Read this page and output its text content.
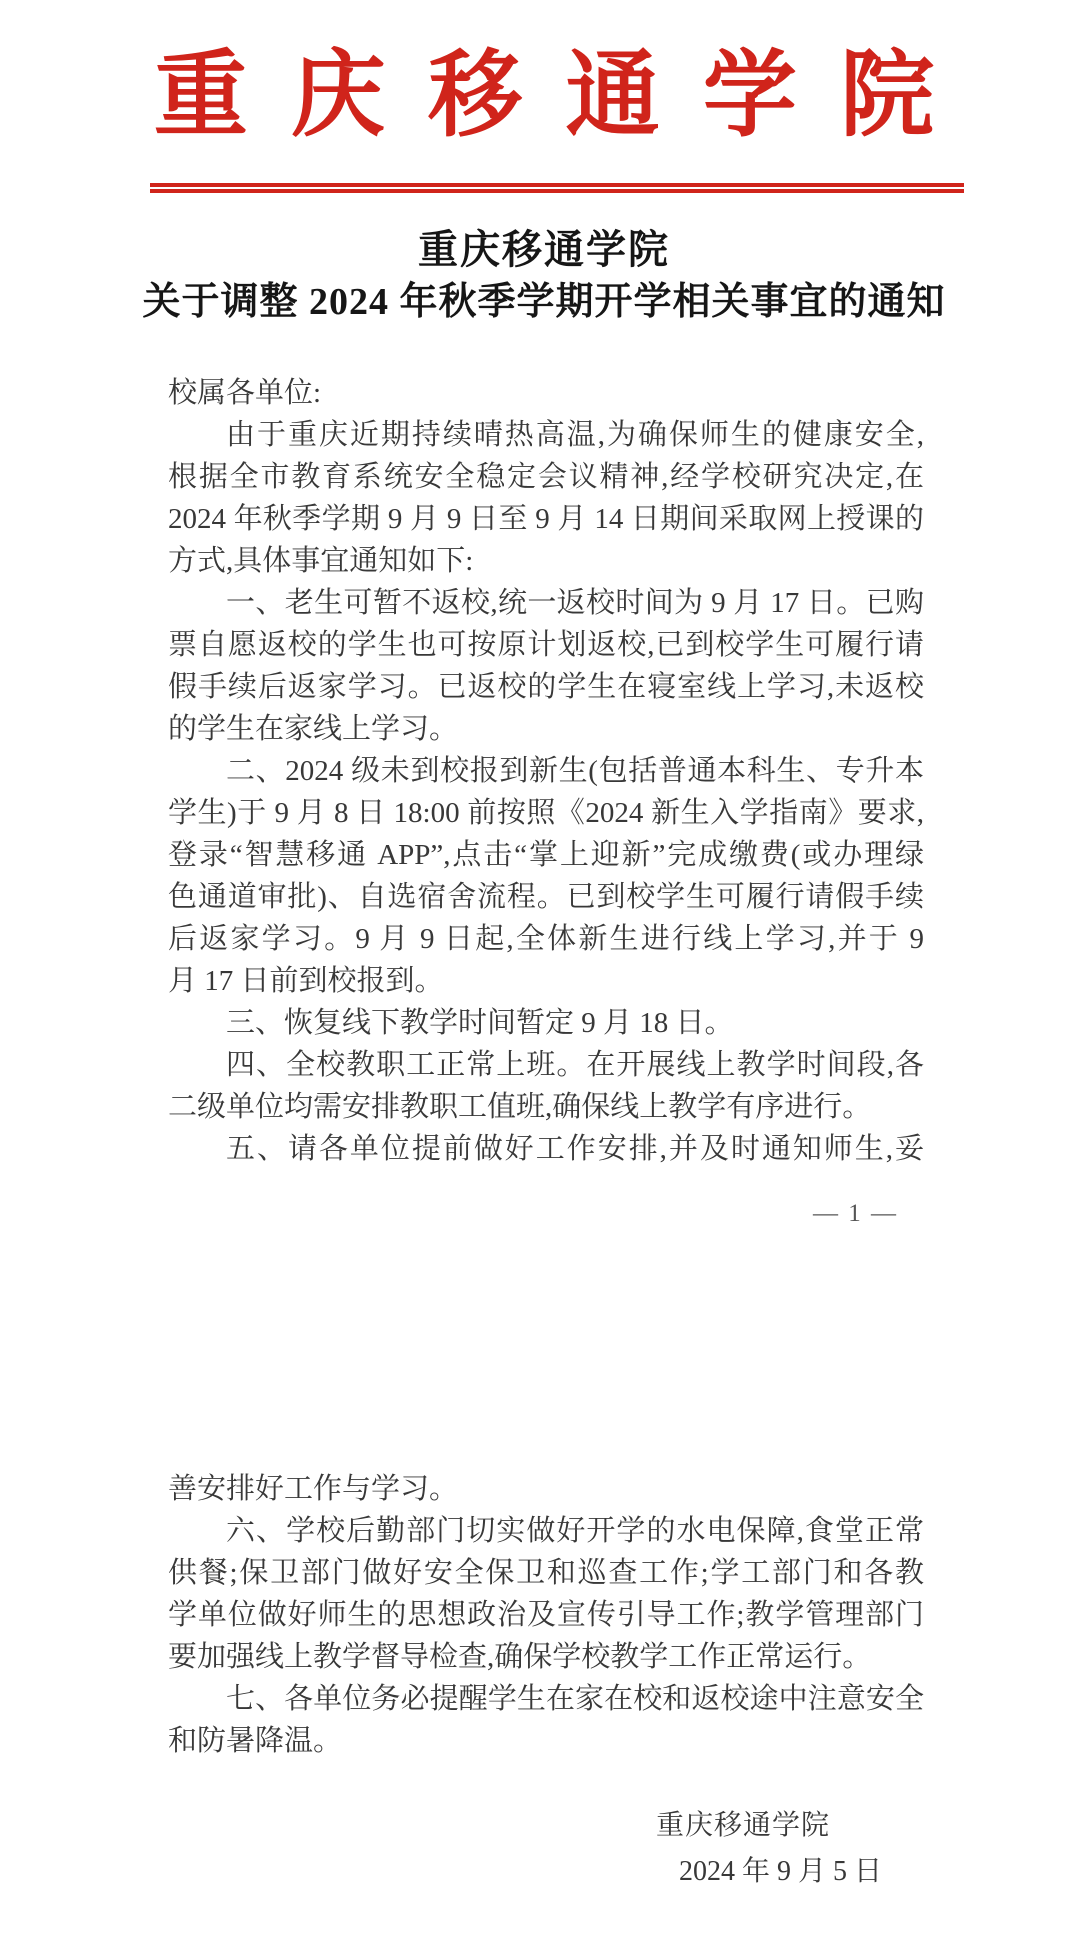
重庆移通学院
重庆移通学院
关于调整 2024 年秋季学期开学相关事宜的通知
校属各单位:
由于重庆近期持续晴热高温,为确保师生的健康安全,
根据全市教育系统安全稳定会议精神,经学校研究决定,在
2024 年秋季学期 9 月 9 日至 9 月 14 日期间采取网上授课的
方式,具体事宜通知如下:
一、老生可暂不返校,统一返校时间为 9 月 17 日。已购
票自愿返校的学生也可按原计划返校,已到校学生可履行请
假手续后返家学习。已返校的学生在寝室线上学习,未返校
的学生在家线上学习。
二、2024 级未到校报到新生(包括普通本科生、专升本
学生)于 9 月 8 日 18:00 前按照《2024 新生入学指南》要求,
登录“智慧移通 APP”,点击“掌上迎新”完成缴费(或办理绿
色通道审批)、自选宿舍流程。已到校学生可履行请假手续
后返家学习。9 月 9 日起,全体新生进行线上学习,并于 9
月 17 日前到校报到。
三、恢复线下教学时间暂定 9 月 18 日。
四、全校教职工正常上班。在开展线上教学时间段,各
二级单位均需安排教职工值班,确保线上教学有序进行。
五、请各单位提前做好工作安排,并及时通知师生,妥
— 1 —
善安排好工作与学习。
六、学校后勤部门切实做好开学的水电保障,食堂正常
供餐;保卫部门做好安全保卫和巡查工作;学工部门和各教
学单位做好师生的思想政治及宣传引导工作;教学管理部门
要加强线上教学督导检查,确保学校教学工作正常运行。
七、各单位务必提醒学生在家在校和返校途中注意安全
和防暑降温。
重庆移通学院
2024 年 9 月 5 日
